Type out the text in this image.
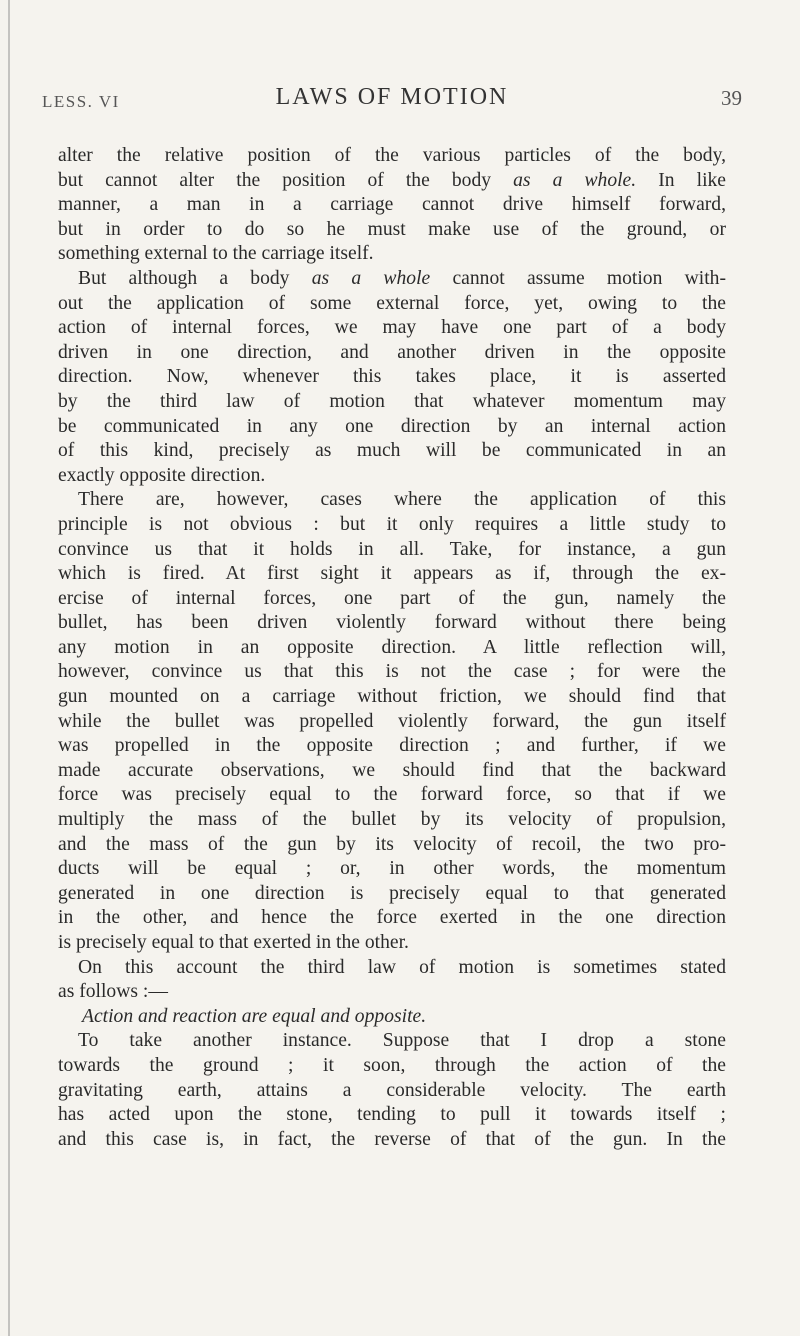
LESS. VI	LAWS OF MOTION	39
alter the relative position of the various particles of the body,
but cannot alter the position of the body as a whole. In like
manner, a man in a carriage cannot drive himself forward,
but in order to do so he must make use of the ground, or
something external to the carriage itself.
But although a body as a whole cannot assume motion with-
out the application of some external force, yet, owing to the
action of internal forces, we may have one part of a body
driven in one direction, and another driven in the opposite
direction. Now, whenever this takes place, it is asserted
by the third law of motion that whatever momentum may
be communicated in any one direction by an internal action
of this kind, precisely as much will be communicated in an
exactly opposite direction.
There are, however, cases where the application of this
principle is not obvious : but it only requires a little study to
convince us that it holds in all. Take, for instance, a gun
which is fired. At first sight it appears as if, through the ex-
ercise of internal forces, one part of the gun, namely the
bullet, has been driven violently forward without there being
any motion in an opposite direction. A little reflection will,
however, convince us that this is not the case ; for were the
gun mounted on a carriage without friction, we should find that
while the bullet was propelled violently forward, the gun itself
was propelled in the opposite direction ; and further, if we
made accurate observations, we should find that the backward
force was precisely equal to the forward force, so that if we
multiply the mass of the bullet by its velocity of propulsion,
and the mass of the gun by its velocity of recoil, the two pro-
ducts will be equal ; or, in other words, the momentum
generated in one direction is precisely equal to that generated
in the other, and hence the force exerted in the one direction
is precisely equal to that exerted in the other.
On this account the third law of motion is sometimes stated
as follows :—
Action and reaction are equal and opposite.
To take another instance. Suppose that I drop a stone
towards the ground ; it soon, through the action of the
gravitating earth, attains a considerable velocity. The earth
has acted upon the stone, tending to pull it towards itself ;
and this case is, in fact, the reverse of that of the gun. In the
